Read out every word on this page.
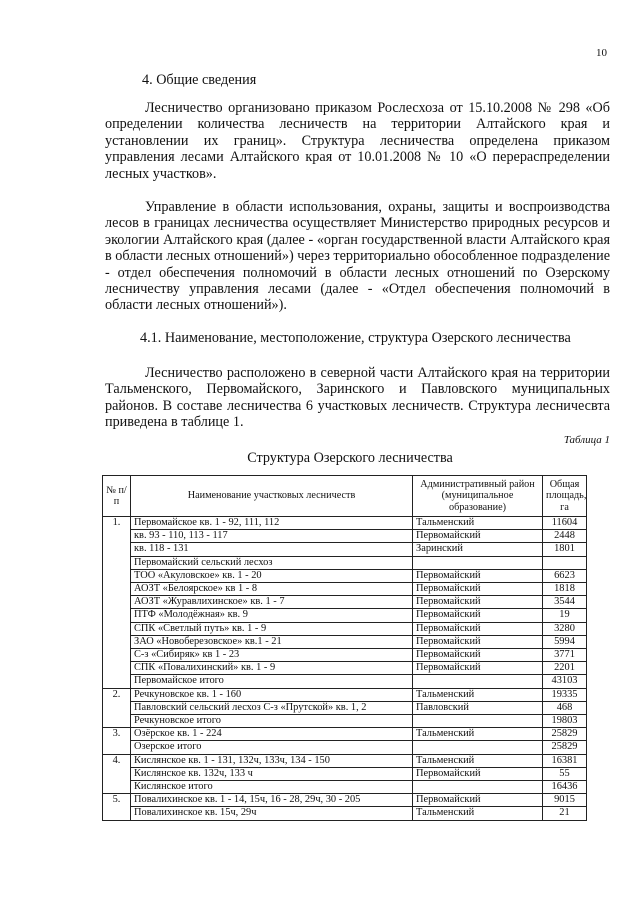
10
4. Общие сведения
Лесничество организовано приказом Рослесхоза от 15.10.2008 № 298 «Об определении количества лесничеств на территории Алтайского края и установлении их границ». Структура лесничества определена приказом управления лесами Алтайского края от 10.01.2008 № 10 «О перераспределении лесных участков».
Управление в области использования, охраны, защиты и воспроизводства лесов в границах лесничества осуществляет Министерство природных ресурсов и экологии Алтайского края (далее - «орган государственной власти Алтайского края в области лесных отношений») через территориально обособленное подразделение - отдел обеспечения полномочий в области лесных отношений по Озерскому лесничеству управления лесами (далее - «Отдел обеспечения полномочий в области лесных отношений»).
4.1. Наименование, местоположение, структура Озерского лесничества
Лесничество расположено в северной части Алтайского края на территории Тальменского, Первомайского, Заринского и Павловского муниципальных районов. В составе лесничества 6 участковых лесничеств. Структура лесничесвта приведена в таблице 1.
Таблица 1
Структура Озерского лесничества
№ п/п	Наименование участковых лесничеств	Административный район (муниципальное образование)	Общая площадь, га
1.	Первомайское кв. 1 - 92, 111, 112	Тальменский	11604
	кв. 93 - 110, 113 - 117	Первомайский	2448
	кв. 118 - 131	Заринский	1801
	Первомайский сельский лесхоз		
	ТОО «Акуловское» кв. 1 - 20	Первомайский	6623
	АОЗТ «Белоярское» кв 1 - 8	Первомайский	1818
	АОЗТ «Журавлихинское» кв. 1 - 7	Первомайский	3544
	ПТФ «Молодёжная» кв. 9	Первомайский	19
	СПК «Светлый путь» кв. 1 - 9	Первомайский	3280
	ЗАО «Новоберезовское» кв.1 - 21	Первомайский	5994
	С-з «Сибиряк» кв 1 - 23	Первомайский	3771
	СПК «Повалихинский» кв. 1 - 9	Первомайский	2201
	Первомайское итого		43103
2.	Речкуновское кв. 1 - 160	Тальменский	19335
	Павловский сельский лесхоз С-з «Прутской» кв. 1, 2	Павловский	468
	Речкуновское итого		19803
3.	Озёрское кв. 1 - 224	Тальменский	25829
	Озерское итого		25829
4.	Кислянское кв. 1 - 131, 132ч, 133ч, 134 - 150	Тальменский	16381
	Кислянское кв. 132ч, 133 ч	Первомайский	55
	Кислянское итого		16436
5.	Повалихинское кв. 1 - 14, 15ч, 16 - 28, 29ч, 30 - 205	Первомайский	9015
	Повалихинское кв. 15ч, 29ч	Тальменский	21
